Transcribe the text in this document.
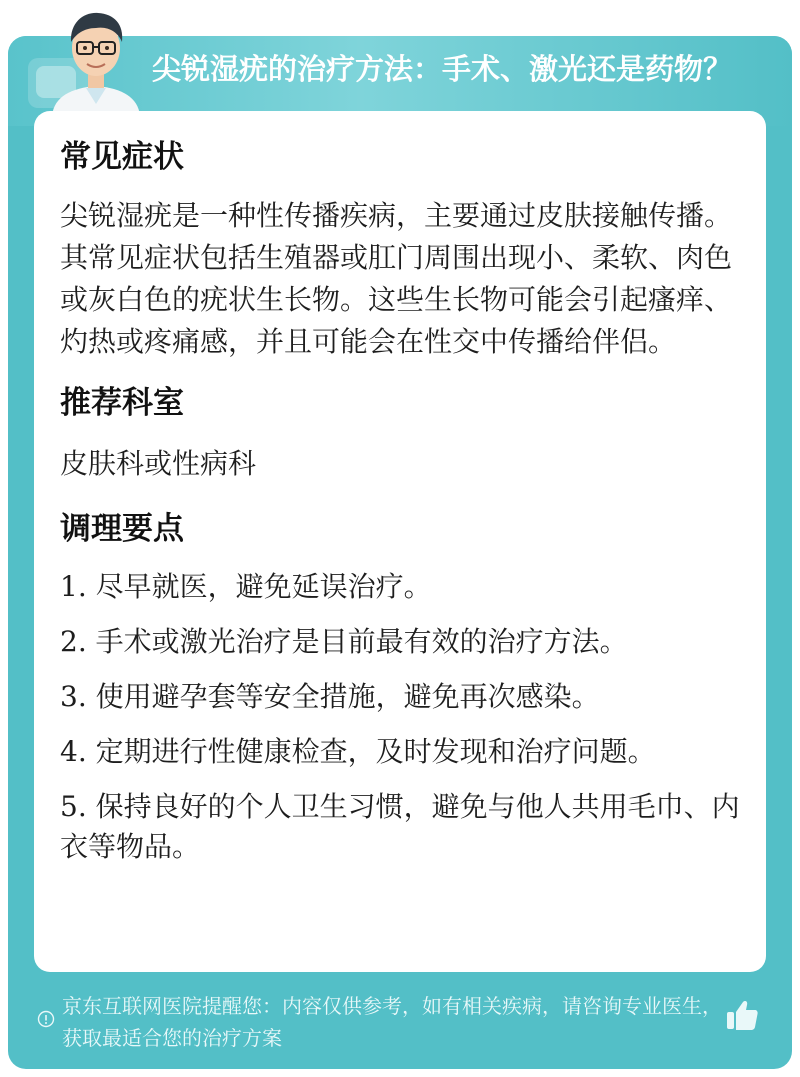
尖锐湿疣的治疗方法：手术、激光还是药物？
常见症状

尖锐湿疣是一种性传播疾病，主要通过皮肤接触传播。其常见症状包括生殖器或肛门周围出现小、柔软、肉色或灰白色的疣状生长物。这些生长物可能会引起瘙痒、灼热或疼痛感，并且可能会在性交中传播给伴侣。

推荐科室

皮肤科或性病科

调理要点
1. 尽早就医，避免延误治疗。
2. 手术或激光治疗是目前最有效的治疗方法。
3. 使用避孕套等安全措施，避免再次感染。
4. 定期进行性健康检查，及时发现和治疗问题。
5. 保持良好的个人卫生习惯，避免与他人共用毛巾、内衣等物品。
京东互联网医院提醒您：内容仅供参考，如有相关疾病，请咨询专业医生，获取最适合您的治疗方案
